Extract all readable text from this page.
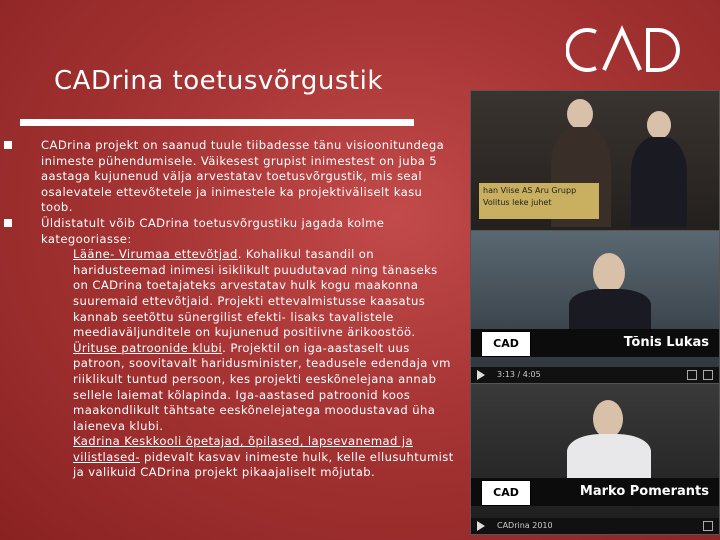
CADrina toetusvõrgustik
CADrina projekt on saanud tuule tiibadesse tänu visioonitundega inimeste pühendumisele. Väikesest grupist inimestest on juba 5 aastaga kujunenud välja arvestatav toetusvõrgustik, mis seal osalevatele ettevõtetele ja inimestele ka projektiväliselt kasu toob.
Üldistatult võib CADrina toetusvõrgustiku jagada kolme kategooriasse:
Lääne- Virumaa ettevõtjad. Kohalikul tasandil on haridusteemad inimesi isiklikult puudutavad ning tänaseks on CADrina toetajateks arvestatav hulk kogu maakonna suuremaid ettevõtjaid. Projekti ettevalmistusse kaasatus kannab seetõttu sünergilist efekti- lisaks tavalistele meediaväljunditele on kujunenud positiivne ärikoostöö.
Ürituse patroonide klubi. Projektil on iga-aastaselt uus patroon, soovitavalt haridusminister, teadusele edendaja vm riiklikult tuntud persoon, kes projekti eeskõnelejana annab sellele laiemat kõlapinda. Iga-aastased patroonid koos maakondlikult tähtsate eeskõnelejatega moodustavad üha laieneva klubi.
Kadrina Keskkooli õpetajad, õpilased, lapsevanemad ja vilistlased- pidevalt kasvav inimeste hulk, kelle ellusuhtumist ja valikuid CADrina projekt pikaajaliselt mõjutab.
han Viise AS Aru Grupp
Volitus leke juhet
CAD	Tõnis Lukas
3:13 / 4:05
CAD	Marko Pomerants
CADrina 2010
